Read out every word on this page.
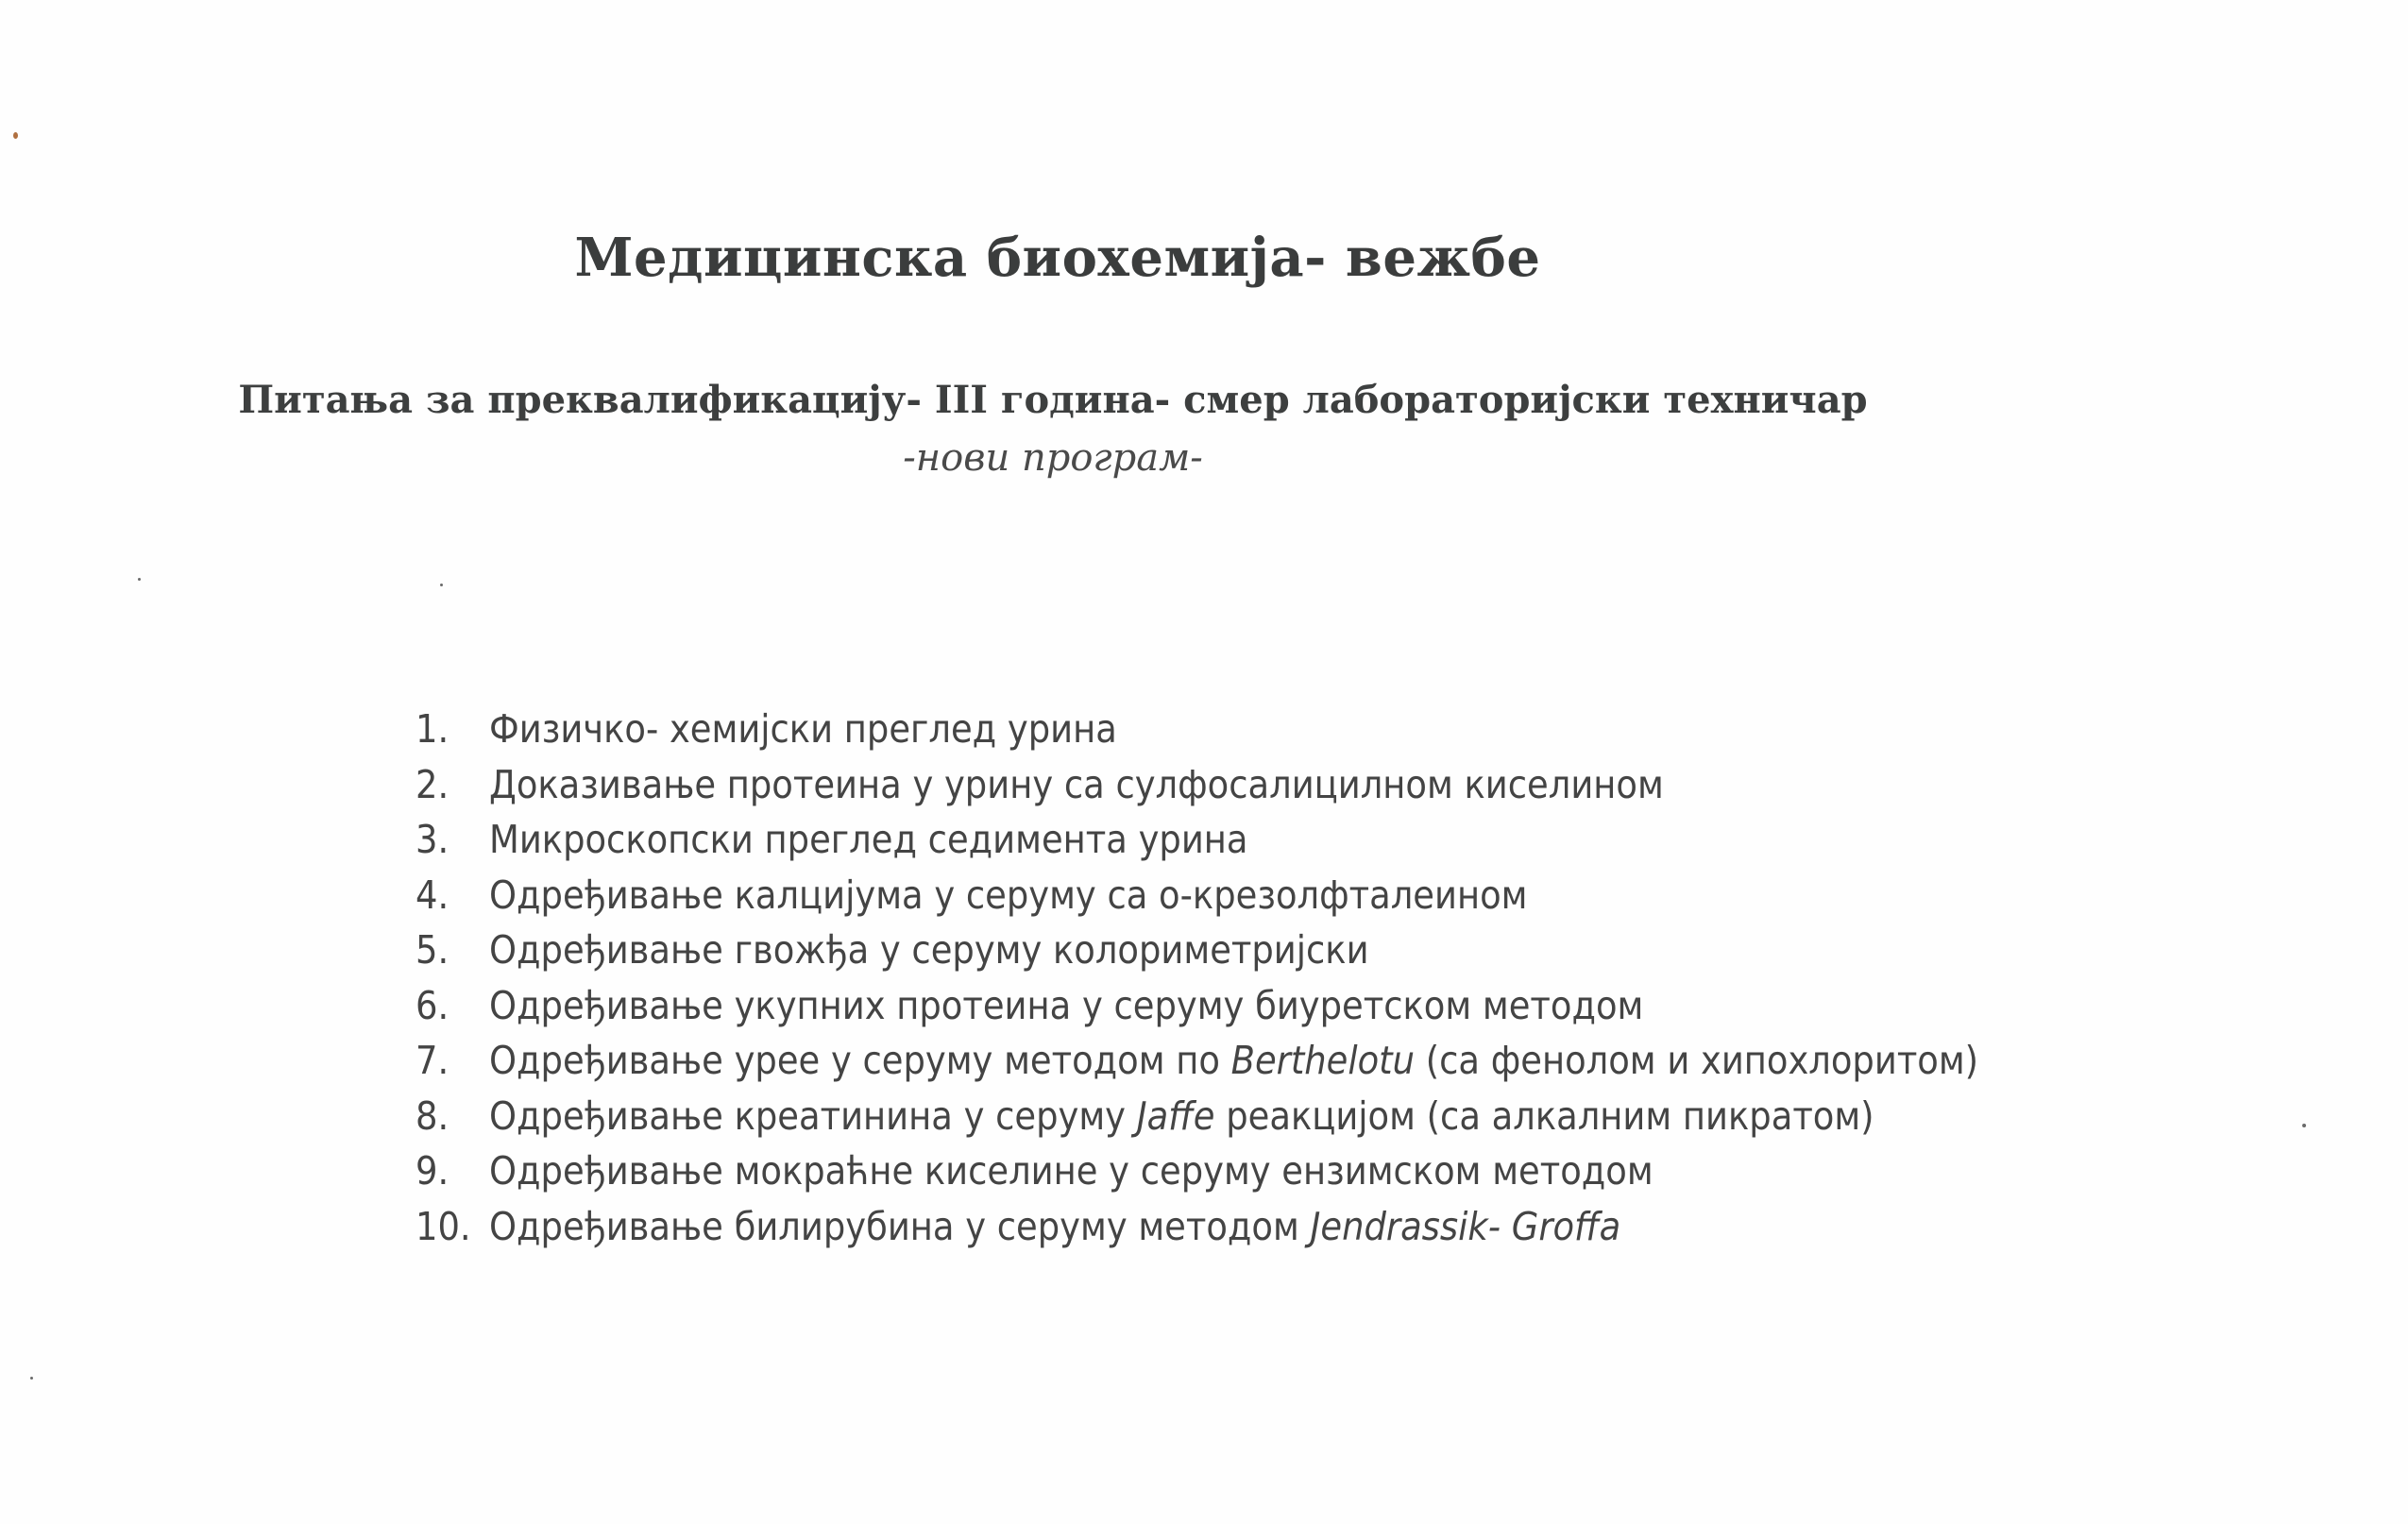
Медицинска биохемија- вежбе
Питања за преквалификацију- III година- смер лабораторијски техничар
-нови програм-
1.	Физичко- хемијски преглед урина
2.	Доказивање протеина у урину са сулфосалицилном киселином
3.	Микроскопски преглед седимента урина
4.	Одређивање калцијума у серуму са о-крезолфталеином
5.	Одређивање гвожђа у серуму колориметријски
6.	Одређивање укупних протеина у серуму биуретском методом
7.	Одређивање урее у серуму методом по Berthelotu (са фенолом и хипохлоритом)
8.	Одређивање креатинина у серуму Jaffe реакцијом (са алкалним пикратом)
9.	Одређивање мокраћне киселине у серуму ензимском методом
10. Одређивање билирубина у серуму методом Jendrassik- Groffa
